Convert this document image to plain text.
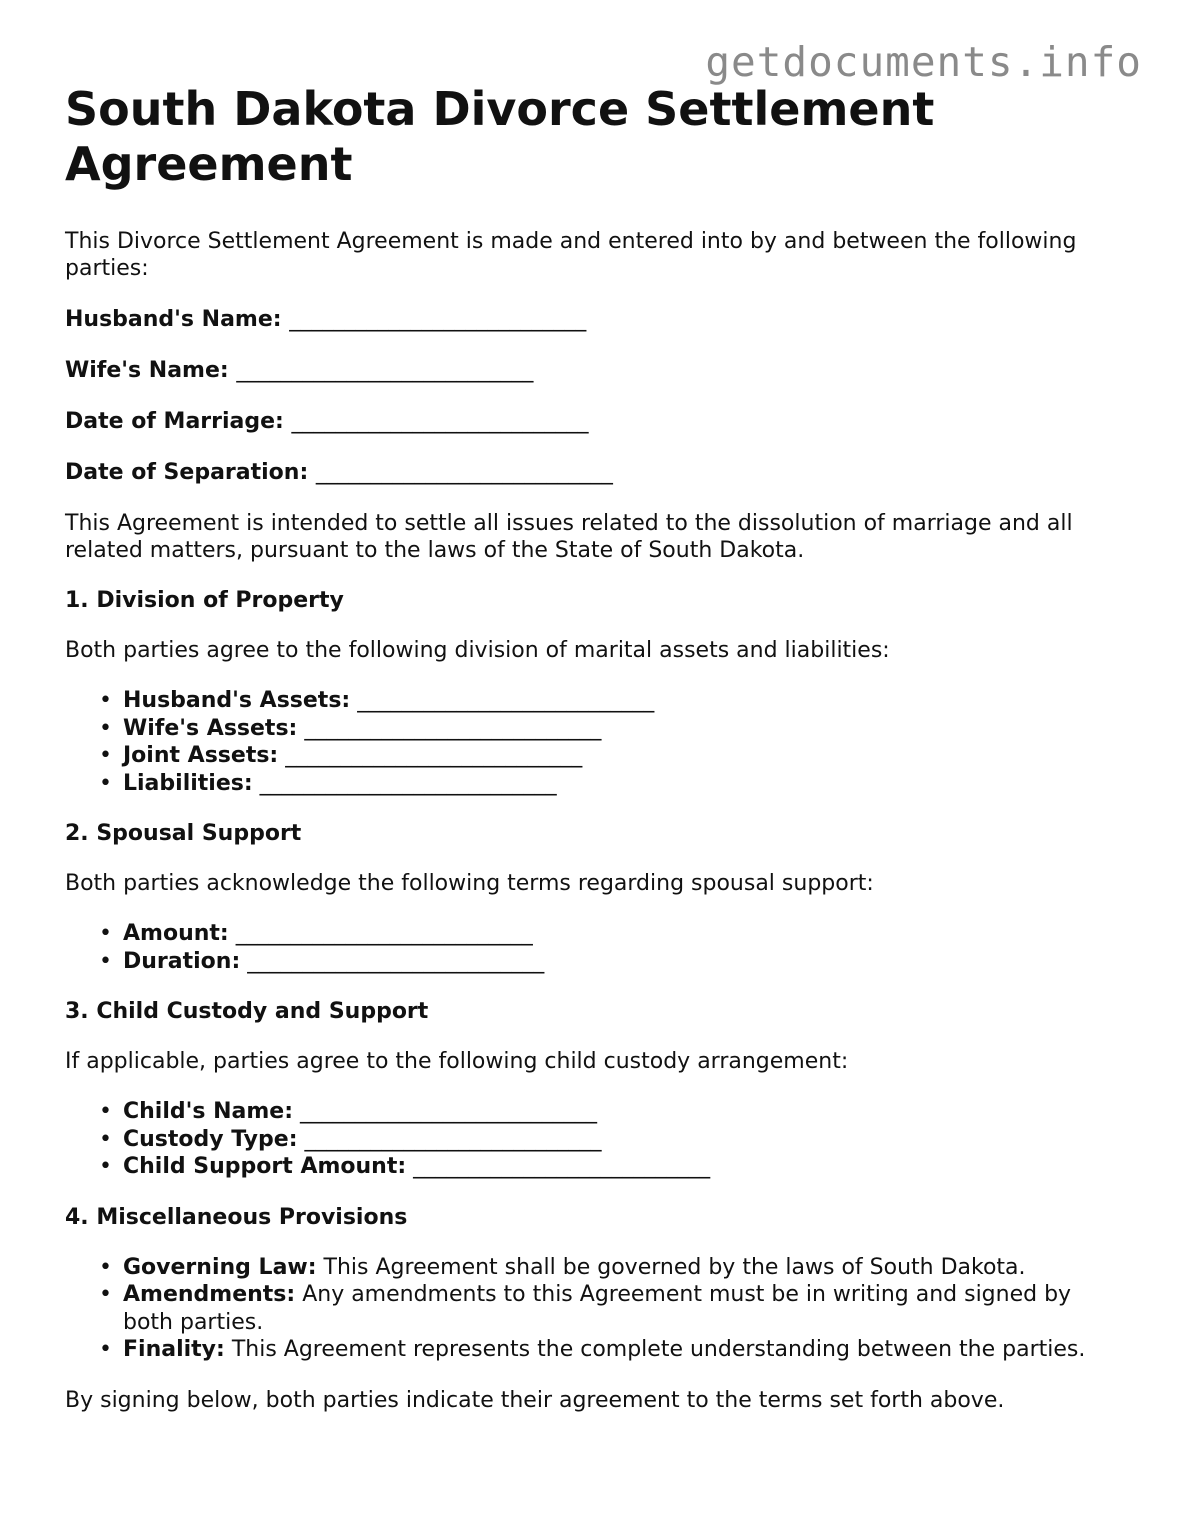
getdocuments.info
South Dakota Divorce Settlement Agreement

This Divorce Settlement Agreement is made and entered into by and between the following parties:

Husband's Name: ___________________________
Wife's Name: ___________________________
Date of Marriage: ___________________________
Date of Separation: ___________________________

This Agreement is intended to settle all issues related to the dissolution of marriage and all related matters, pursuant to the laws of the State of South Dakota.

1. Division of Property

Both parties agree to the following division of marital assets and liabilities:

• Husband's Assets: ___________________________
• Wife's Assets: ___________________________
• Joint Assets: ___________________________
• Liabilities: ___________________________
2. Spousal Support

Both parties acknowledge the following terms regarding spousal support:

• Amount: ___________________________
• Duration: ___________________________
3. Child Custody and Support

If applicable, parties agree to the following child custody arrangement:

• Child's Name: ___________________________
• Custody Type: ___________________________
• Child Support Amount: ___________________________
4. Miscellaneous Provisions
• Governing Law: This Agreement shall be governed by the laws of South Dakota.
• Amendments: Any amendments to this Agreement must be in writing and signed by both parties.
• Finality: This Agreement represents the complete understanding between the parties.

By signing below, both parties indicate their agreement to the terms set forth above.
